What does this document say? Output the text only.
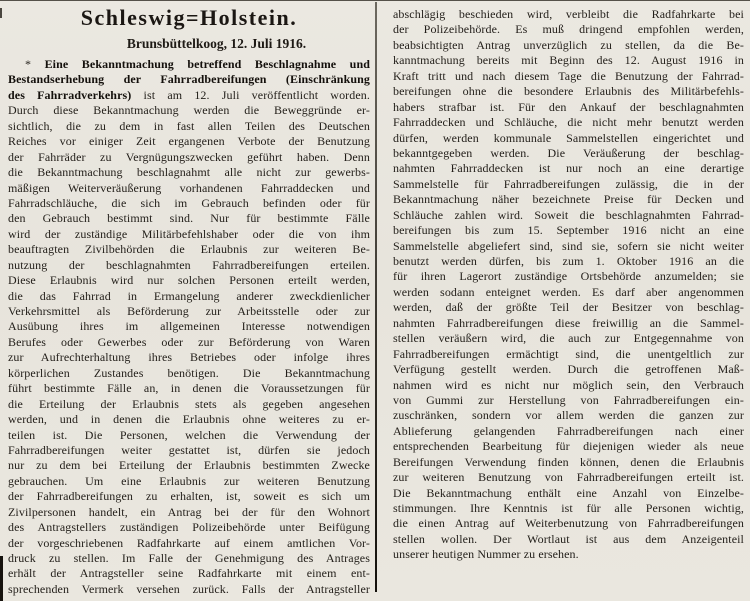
Schleswig=Holstein.
Brunsbüttelkoog, 12. Juli 1916.
* Eine Bekanntmachung betreffend Beschlagnahme und
Bestandserhebung der Fahrradbereifungen (Einschränkung
des Fahrradverkehrs) ist am 12. Juli veröffentlicht worden.
Durch diese Bekanntmachung werden die Beweggründe er-
sichtlich, die zu dem in fast allen Teilen des Deutschen
Reiches vor einiger Zeit ergangenen Verbote der Benutzung
der Fahrräder zu Vergnügungszwecken geführt haben. Denn
die Bekanntmachung beschlagnahmt alle nicht zur gewerbs-
mäßigen Weiterveräußerung vorhandenen Fahrraddecken und
Fahrradschläuche, die sich im Gebrauch befinden oder für
den Gebrauch bestimmt sind. Nur für bestimmte Fälle
wird der zuständige Militärbefehlshaber oder die von ihm
beauftragten Zivilbehörden die Erlaubnis zur weiteren Be-
nutzung der beschlagnahmten Fahrradbereifungen erteilen.
Diese Erlaubnis wird nur solchen Personen erteilt werden,
die das Fahrrad in Ermangelung anderer zweckdienlicher
Verkehrsmittel als Beförderung zur Arbeitsstelle oder zur
Ausübung ihres im allgemeinen Interesse notwendigen
Berufes oder Gewerbes oder zur Beförderung von Waren
zur Aufrechterhaltung ihres Betriebes oder infolge ihres
körperlichen Zustandes benötigen. Die Bekanntmachung
führt bestimmte Fälle an, in denen die Voraussetzungen für
die Erteilung der Erlaubnis stets als gegeben angesehen
werden, und in denen die Erlaubnis ohne weiteres zu er-
teilen ist. Die Personen, welchen die Verwendung der
Fahrradbereifungen weiter gestattet ist, dürfen sie jedoch
nur zu dem bei Erteilung der Erlaubnis bestimmten Zwecke
gebrauchen. Um eine Erlaubnis zur weiteren Benutzung
der Fahrradbereifungen zu erhalten, ist, soweit es sich um
Zivilpersonen handelt, ein Antrag bei der für den Wohnort
des Antragstellers zuständigen Polizeibehörde unter Beifügung
der vorgeschriebenen Radfahrkarte auf einem amtlichen Vor-
druck zu stellen. Im Falle der Genehmigung des Antrages
erhält der Antragsteller seine Radfahrkarte mit einem ent-
sprechenden Vermerk versehen zurück. Falls der Antragsteller
abschlägig beschieden wird, verbleibt die Radfahrkarte bei
der Polizeibehörde. Es muß dringend empfohlen werden,
beabsichtigten Antrag unverzüglich zu stellen, da die Be-
kanntmachung bereits mit Beginn des 12. August 1916 in
Kraft tritt und nach diesem Tage die Benutzung der Fahrrad-
bereifungen ohne die besondere Erlaubnis des Militärbefehls-
habers strafbar ist. Für den Ankauf der beschlagnahmten
Fahrraddecken und Schläuche, die nicht mehr benutzt werden
dürfen, werden kommunale Sammelstellen eingerichtet und
bekanntgegeben werden. Die Veräußerung der beschlag-
nahmten Fahrraddecken ist nur noch an eine derartige
Sammelstelle für Fahrradbereifungen zulässig, die in der
Bekanntmachung näher bezeichnete Preise für Decken und
Schläuche zahlen wird. Soweit die beschlagnahmten Fahrrad-
bereifungen bis zum 15. September 1916 nicht an eine
Sammelstelle abgeliefert sind, sind sie, sofern sie nicht weiter
benutzt werden dürfen, bis zum 1. Oktober 1916 an die
für ihren Lagerort zuständige Ortsbehörde anzumelden; sie
werden sodann enteignet werden. Es darf aber angenommen
werden, daß der größte Teil der Besitzer von beschlag-
nahmten Fahrradbereifungen diese freiwillig an die Sammel-
stellen veräußern wird, die auch zur Entgegennahme von
Fahrradbereifungen ermächtigt sind, die unentgeltlich zur
Verfügung gestellt werden. Durch die getroffenen Maß-
nahmen wird es nicht nur möglich sein, den Verbrauch
von Gummi zur Herstellung von Fahrradbereifungen ein-
zuschränken, sondern vor allem werden die ganzen zur
Ablieferung gelangenden Fahrradbereifungen nach einer
entsprechenden Bearbeitung für diejenigen wieder als neue
Bereifungen Verwendung finden können, denen die Erlaubnis
zur weiteren Benutzung von Fahrradbereifungen erteilt ist.
Die Bekanntmachung enthält eine Anzahl von Einzelbe-
stimmungen. Ihre Kenntnis ist für alle Personen wichtig,
die einen Antrag auf Weiterbenutzung von Fahrradbereifungen
stellen wollen. Der Wortlaut ist aus dem Anzeigenteil
unserer heutigen Nummer zu ersehen.
